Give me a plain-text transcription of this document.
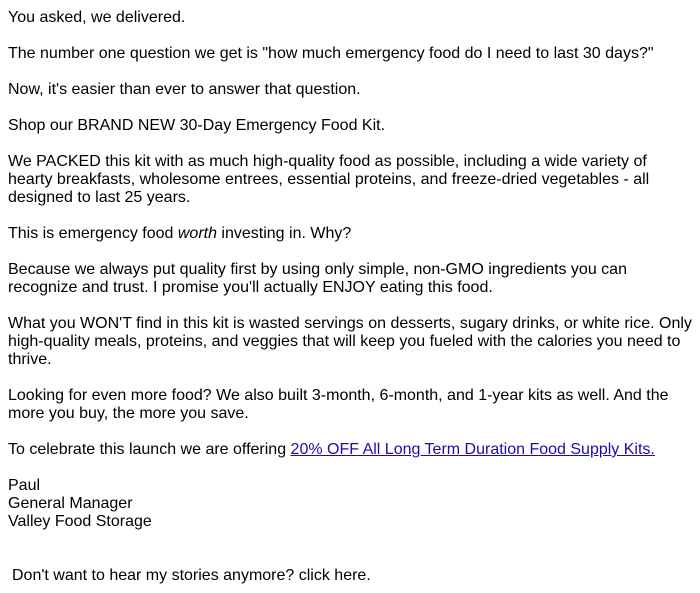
You asked, we delivered.

The number one question we get is "how much emergency food do I need to last 30 days?"

Now, it's easier than ever to answer that question.

Shop our BRAND NEW 30-Day Emergency Food Kit.

We PACKED this kit with as much high-quality food as possible, including a wide variety of hearty breakfasts, wholesome entrees, essential proteins, and freeze-dried vegetables - all designed to last 25 years.

This is emergency food worth investing in. Why?

Because we always put quality first by using only simple, non-GMO ingredients you can recognize and trust. I promise you'll actually ENJOY eating this food.

What you WON'T find in this kit is wasted servings on desserts, sugary drinks, or white rice. Only high-quality meals, proteins, and veggies that will keep you fueled with the calories you need to thrive.

Looking for even more food? We also built 3-month, 6-month, and 1-year kits as well. And the more you buy, the more you save.

To celebrate this launch we are offering 20% OFF All Long Term Duration Food Supply Kits.

Paul

General Manager

Valley Food Storage

Don't want to hear my stories anymore? click here.
